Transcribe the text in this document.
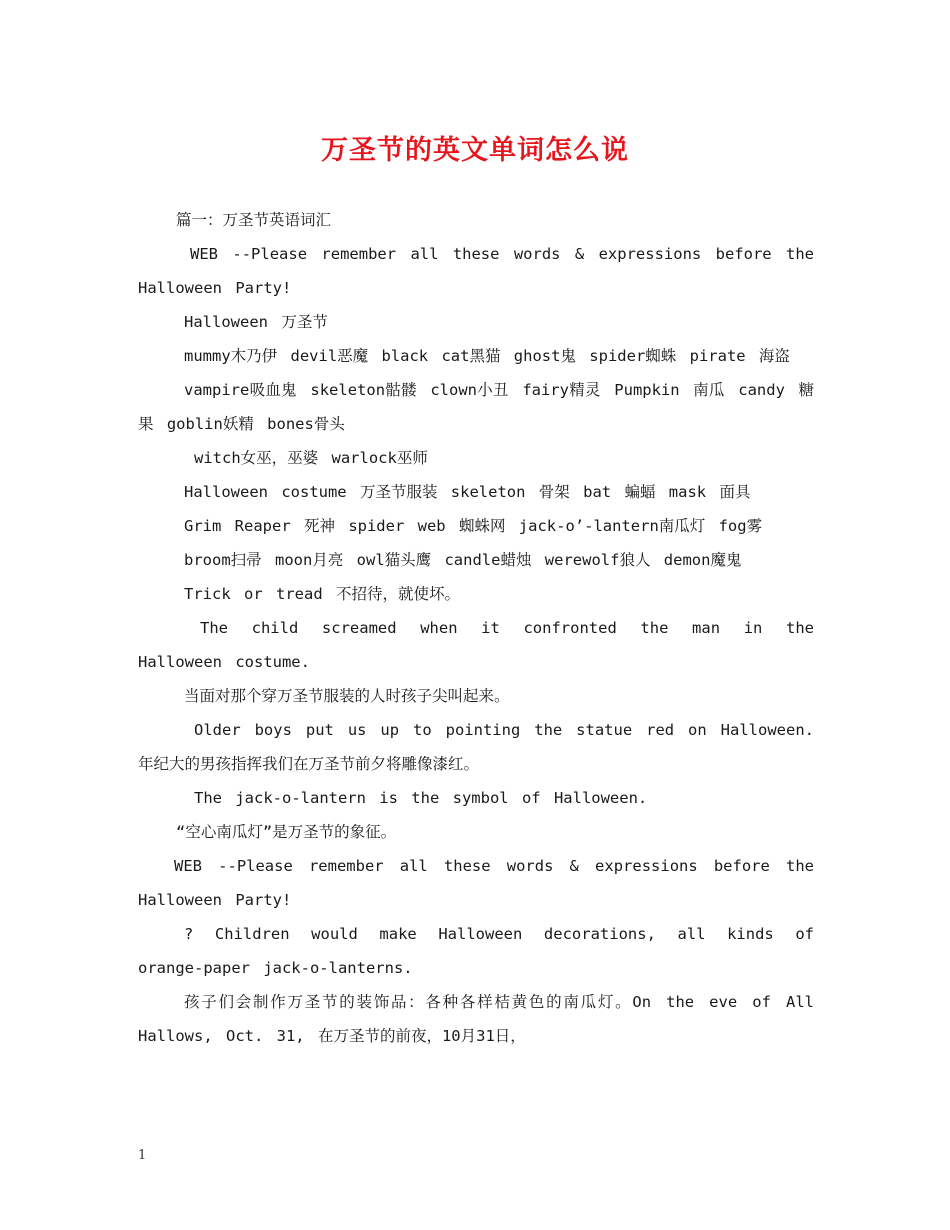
万圣节的英文单词怎么说

篇一：万圣节英语词汇

WEB --Please remember all these words & expressions before the Halloween Party!

Halloween 万圣节

mummy木乃伊 devil恶魔 black cat黑猫 ghost鬼 spider蜘蛛 pirate 海盗

vampire吸血鬼 skeleton骷髅 clown小丑 fairy精灵 Pumpkin 南瓜 candy 糖果 goblin妖精 bones骨头

witch女巫，巫婆 warlock巫师

Halloween costume 万圣节服装 skeleton 骨架 bat 蝙蝠 mask 面具

Grim Reaper 死神 spider web 蜘蛛网 jack-o’-lantern南瓜灯 fog雾

broom扫帚 moon月亮 owl猫头鹰 candle蜡烛 werewolf狼人 demon魔鬼

Trick or tread 不招待，就使坏。

The child screamed when it confronted the man in the Halloween costume.

当面对那个穿万圣节服装的人时孩子尖叫起来。

Older boys put us up to pointing the statue red on Halloween. 年纪大的男孩指挥我们在万圣节前夕将雕像漆红。

The jack-o-lantern is the symbol of Halloween.

“空心南瓜灯”是万圣节的象征。

WEB --Please remember all these words & expressions before the Halloween Party!

? Children would make Halloween decorations, all kinds of orange-paper jack-o-lanterns.

孩子们会制作万圣节的装饰品：各种各样桔黄色的南瓜灯。On the eve of All Hallows, Oct. 31, 在万圣节的前夜，10月31日，

1
